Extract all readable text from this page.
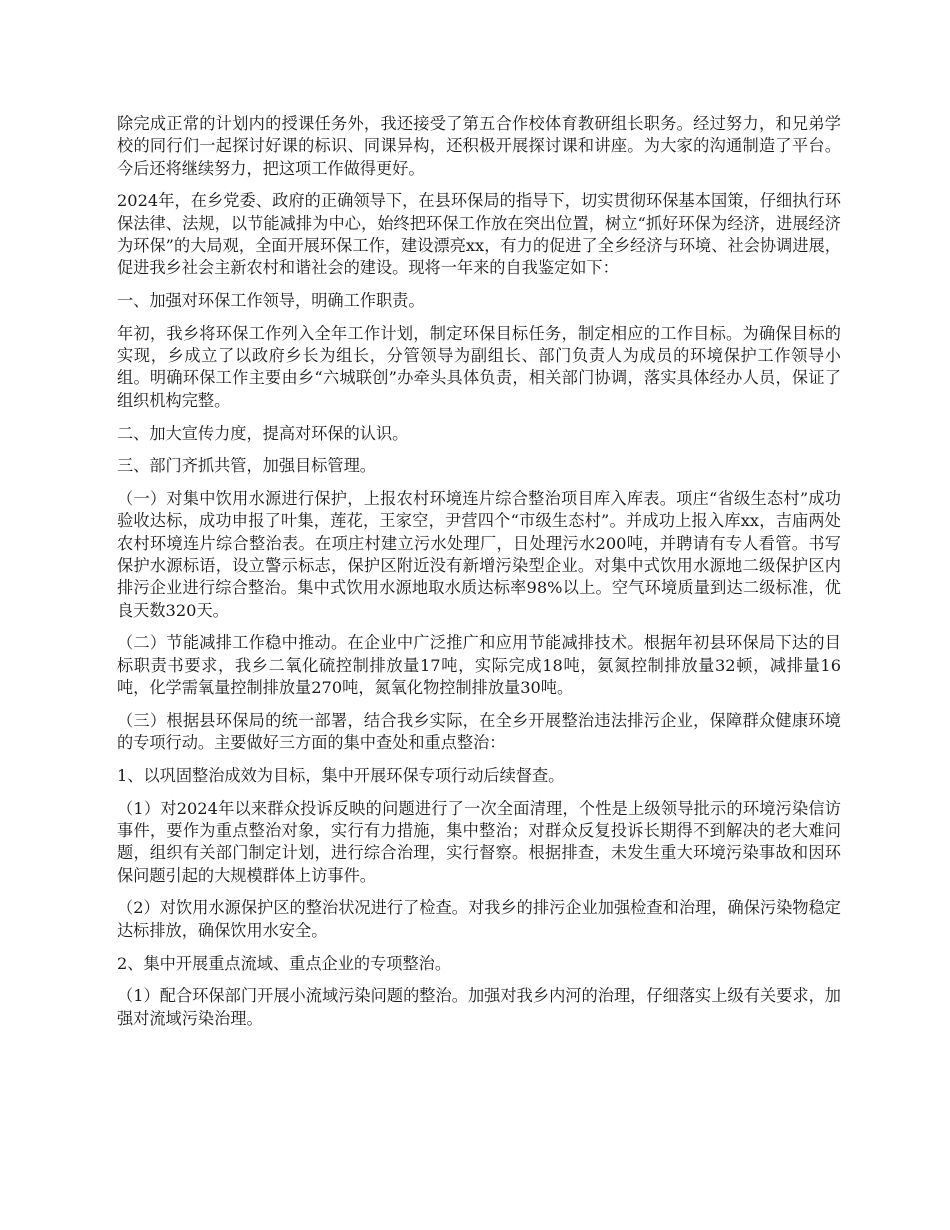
除完成正常的计划内的授课任务外，我还接受了第五合作校体育教研组长职务。经过努力，和兄弟学校的同行们一起探讨好课的标识、同课异构，还积极开展探讨课和讲座。为大家的沟通制造了平台。今后还将继续努力，把这项工作做得更好。

2024年，在乡党委、政府的正确领导下，在县环保局的指导下，切实贯彻环保基本国策，仔细执行环保法律、法规，以节能减排为中心，始终把环保工作放在突出位置，树立“抓好环保为经济，进展经济为环保”的大局观，全面开展环保工作，建设漂亮xx，有力的促进了全乡经济与环境、社会协调进展，促进我乡社会主新农村和谐社会的建设。现将一年来的自我鉴定如下：

一、加强对环保工作领导，明确工作职责。

年初，我乡将环保工作列入全年工作计划，制定环保目标任务，制定相应的工作目标。为确保目标的实现，乡成立了以政府乡长为组长，分管领导为副组长、部门负责人为成员的环境保护工作领导小组。明确环保工作主要由乡“六城联创”办牵头具体负责，相关部门协调，落实具体经办人员，保证了组织机构完整。

二、加大宣传力度，提高对环保的认识。

三、部门齐抓共管，加强目标管理。

（一）对集中饮用水源进行保护，上报农村环境连片综合整治项目库入库表。项庄“省级生态村”成功验收达标，成功申报了叶集，莲花，王家空，尹营四个“市级生态村”。并成功上报入库xx，吉庙两处农村环境连片综合整治表。在项庄村建立污水处理厂，日处理污水200吨，并聘请有专人看管。书写保护水源标语，设立警示标志，保护区附近没有新增污染型企业。对集中式饮用水源地二级保护区内排污企业进行综合整治。集中式饮用水源地取水质达标率98%以上。空气环境质量到达二级标准，优良天数320天。

（二）节能减排工作稳中推动。在企业中广泛推广和应用节能减排技术。根据年初县环保局下达的目标职责书要求，我乡二氧化硫控制排放量17吨，实际完成18吨，氨氮控制排放量32顿，减排量16吨，化学需氧量控制排放量270吨，氮氧化物控制排放量30吨。

（三）根据县环保局的统一部署，结合我乡实际，在全乡开展整治违法排污企业，保障群众健康环境的专项行动。主要做好三方面的集中查处和重点整治：

1、以巩固整治成效为目标，集中开展环保专项行动后续督查。

（1）对2024年以来群众投诉反映的问题进行了一次全面清理，个性是上级领导批示的环境污染信访事件，要作为重点整治对象，实行有力措施，集中整治；对群众反复投诉长期得不到解决的老大难问题，组织有关部门制定计划，进行综合治理，实行督察。根据排查，未发生重大环境污染事故和因环保问题引起的大规模群体上访事件。

（2）对饮用水源保护区的整治状况进行了检查。对我乡的排污企业加强检查和治理，确保污染物稳定达标排放，确保饮用水安全。

2、集中开展重点流域、重点企业的专项整治。

（1）配合环保部门开展小流域污染问题的整治。加强对我乡内河的治理，仔细落实上级有关要求，加强对流域污染治理。
